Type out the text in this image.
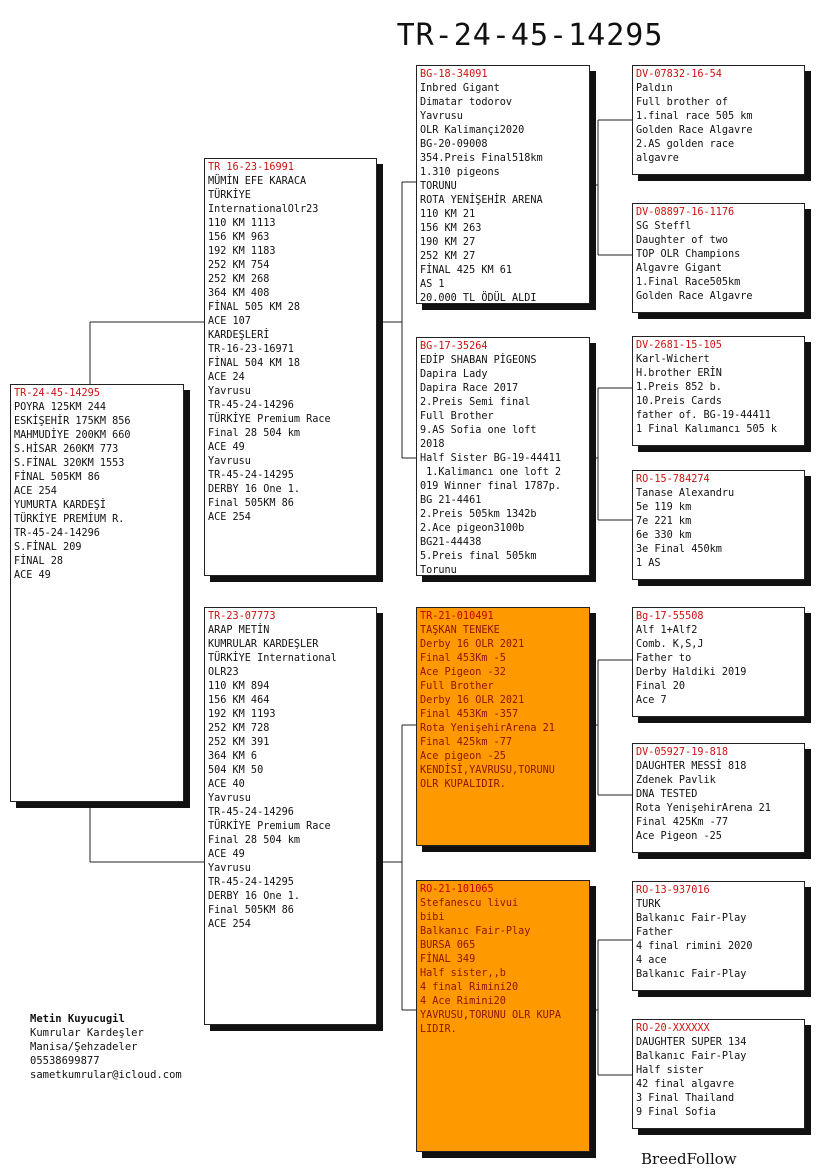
TR-24-45-14295
TR-24-45-14295
POYRA 125KM 244
ESKİŞEHİR 175KM 856
MAHMUDİYE 200KM 660
S.HİSAR 260KM 773
S.FİNAL 320KM 1553
FİNAL 505KM 86
ACE 254
YUMURTA KARDEŞİ
TÜRKİYE PREMİUM R.
TR-45-24-14296
S.FİNAL 209
FİNAL 28
ACE 49
TR 16-23-16991
MÜMİN EFE KARACA
TÜRKİYE
InternationalOlr23
110 KM 1113
156 KM 963
192 KM 1183
252 KM 754
252 KM 268
364 KM 408
FİNAL 505 KM 28
ACE 107
KARDEŞLERİ
TR-16-23-16971
FİNAL 504 KM 18
ACE 24
Yavrusu
TR-45-24-14296
TÜRKİYE Premium Race
Final 28 504 km
ACE 49
Yavrusu
TR-45-24-14295
DERBY 16 One 1.
Final 505KM 86
ACE 254
TR-23-07773
ARAP METİN
KUMRULAR KARDEŞLER
TÜRKİYE International
OLR23
110 KM 894
156 KM 464
192 KM 1193
252 KM 728
252 KM 391
364 KM 6
504 KM 50
ACE 40
Yavrusu
TR-45-24-14296
TÜRKİYE Premium Race
Final 28 504 km
ACE 49
Yavrusu
TR-45-24-14295
DERBY 16 One 1.
Final 505KM 86
ACE 254
BG-18-34091
Inbred Gigant
Dimatar todorov
Yavrusu
OLR Kalimançi2020
BG-20-09008
354.Preis Final518km
1.310 pigeons
TORUNU
ROTA YENİŞEHİR ARENA
110 KM 21
156 KM 263
190 KM 27
252 KM 27
FİNAL 425 KM 61
AS 1
20.000 TL ÖDÜL ALDI
BG-17-35264
EDİP SHABAN PİGEONS
Dapira Lady
Dapira Race 2017
2.Preis Semi final
Full Brother
9.AS Sofia one loft
2018
Half Sister BG-19-44411
1.Kalimancı one loft 2
019 Winner final 1787p.
BG 21-4461
2.Preis 505km 1342b
2.Ace pigeon3100b
BG21-44438
5.Preis final 505km
Torunu
TR-21-010491
TAŞKAN TENEKE
Derby 16 OLR 2021
Final 453Km -5
Ace Pigeon -32
Full Brother
Derby 16 OLR 2021
Final 453Km -357
Rota YenişehirArena 21
Final 425km -77
Ace pigeon -25
KENDİSİ,YAVRUSU,TORUNU
OLR KUPALIDIR.
RO-21-101065
Stefanescu livui
bibi
Balkanıc Fair-Play
BURSA 065
FİNAL 349
Half sister,,b
4 final Rimini20
4 Ace Rimini20
YAVRUSU,TORUNU OLR KUPA
LIDIR.
DV-07832-16-54
Paldın
Full brother of
1.final race 505 km
Golden Race Algavre
2.AS golden race
algavre
DV-08897-16-1176
SG Steffl
Daughter of two
TOP OLR Champions
Algavre Gigant
1.Final Race505km
Golden Race Algavre
DV-2681-15-105
Karl-Wichert
H.brother ERİN
1.Preis 852 b.
10.Preis Cards
father of. BG-19-44411
1 Final Kalımancı 505 k
RO-15-784274
Tanase Alexandru
5e 119 km
7e 221 km
6e 330 km
3e Final 450km
1 AS
Bg-17-55508
Alf 1+Alf2
Comb. K,S,J
Father to
Derby Haldiki 2019
Final 20
Ace 7
DV-05927-19-818
DAUGHTER MESSİ 818
Zdenek Pavlik
DNA TESTED
Rota YenişehirArena 21
Final 425Km -77
Ace Pigeon -25
RO-13-937016
TURK
Balkanıc Fair-Play
Father
4 final rimini 2020
4 ace
Balkanıc Fair-Play
RO-20-XXXXXX
DAUGHTER SUPER 134
Balkanıc Fair-Play
Half sister
42 final algavre
3 Final Thailand
9 Final Sofia
Metin Kuyucugil
Kumrular Kardeşler
Manisa/Şehzadeler
05538699877
sametkumrular@icloud.com
BreedFollow
